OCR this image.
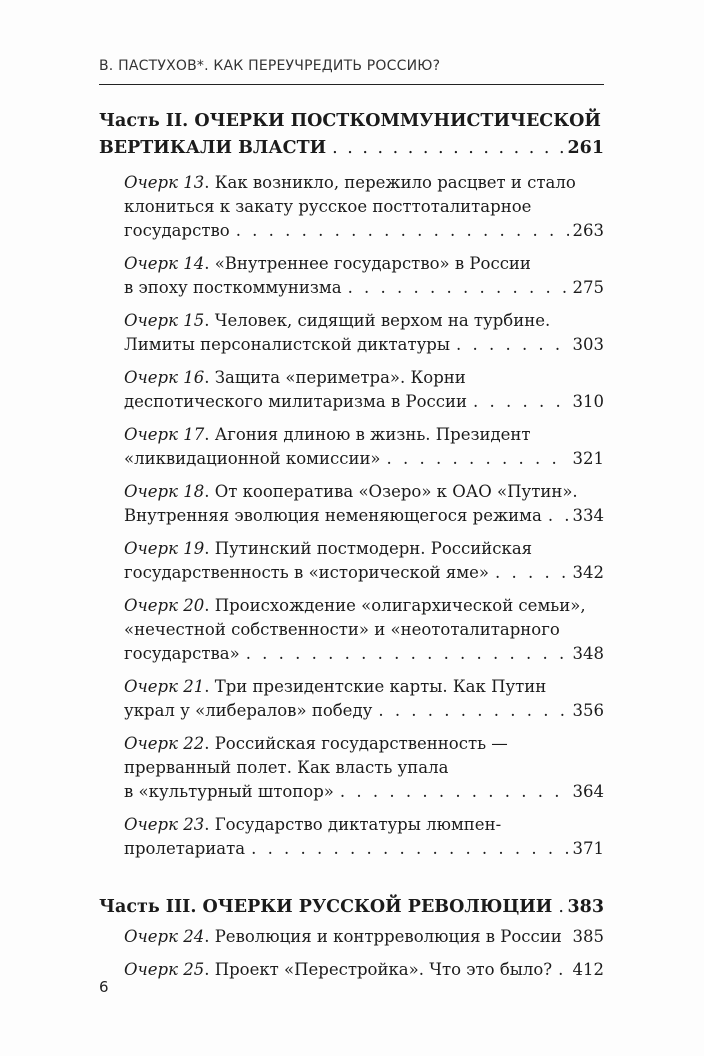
В. ПАСТУХОВ*. КАК ПЕРЕУЧРЕДИТЬ РОССИЮ?
Часть II. ОЧЕРКИ ПОСТКОММУНИСТИЧЕСКОЙ
ВЕРТИКАЛИ ВЛАСТИ . . .	261
Очерк 13. Как возникло, пережило расцвет и стало
клониться к закату русское посттоталитарное
государство . . .	263
Очерк 14. «Внутреннее государство» в России
в эпоху посткоммунизма . . .	275
Очерк 15. Человек, сидящий верхом на турбине.
Лимиты персоналистской диктатуры . . .	303
Очерк 16. Защита «периметра». Корни
деспотического милитаризма в России . . .	310
Очерк 17. Агония длиною в жизнь. Президент
«ликвидационной комиссии» . . .	321
Очерк 18. От кооператива «Озеро» к ОАО «Путин».
Внутренняя эволюция неменяющегося режима . . . 334
Очерк 19. Путинский постмодерн. Российская
государственность в «исторической яме» . . .	342
Очерк 20. Происхождение «олигархической семьи»,
«нечестной собственности» и «неототалитарного
государства» . . .	348
Очерк 21. Три президентские карты. Как Путин
украл у «либералов» победу . . .	356
Очерк 22. Российская государственность —
прерванный полет. Как власть упала
в «культурный штопор» . . .	364
Очерк 23. Государство диктатуры люмпен-
пролетариата . . .	371
Часть III. ОЧЕРКИ РУССКОЙ РЕВОЛЮЦИИ . . . 383
Очерк 24. Революция и контрреволюция в России . . . 385
Очерк 25. Проект «Перестройка». Что это было? . . . 412
6
